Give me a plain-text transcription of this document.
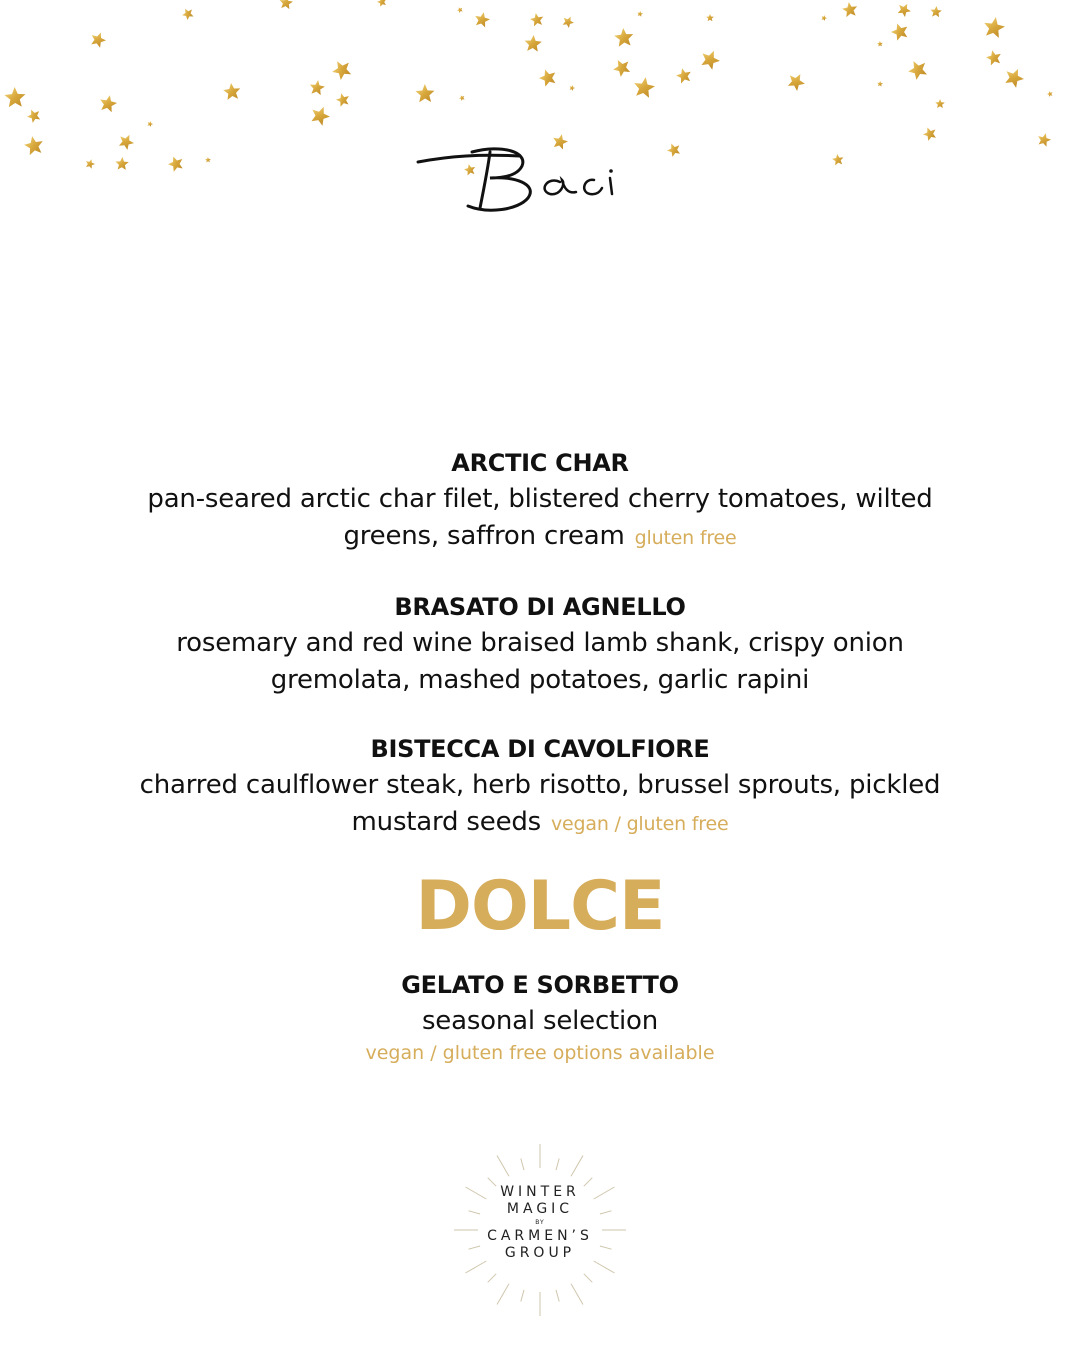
ARCTIC CHAR
pan-seared arctic char filet, blistered cherry tomatoes, wilted greens, saffron cream gluten free
BRASATO DI AGNELLO
rosemary and red wine braised lamb shank, crispy onion gremolata, mashed potatoes, garlic rapini
BISTECCA DI CAVOLFIORE
charred caulflower steak, herb risotto, brussel sprouts, pickled mustard seeds vegan / gluten free
DOLCE
GELATO E SORBETTO
seasonal selection
vegan / gluten free options available
WINTER
MAGIC
BY
CARMEN’S
GROUP
